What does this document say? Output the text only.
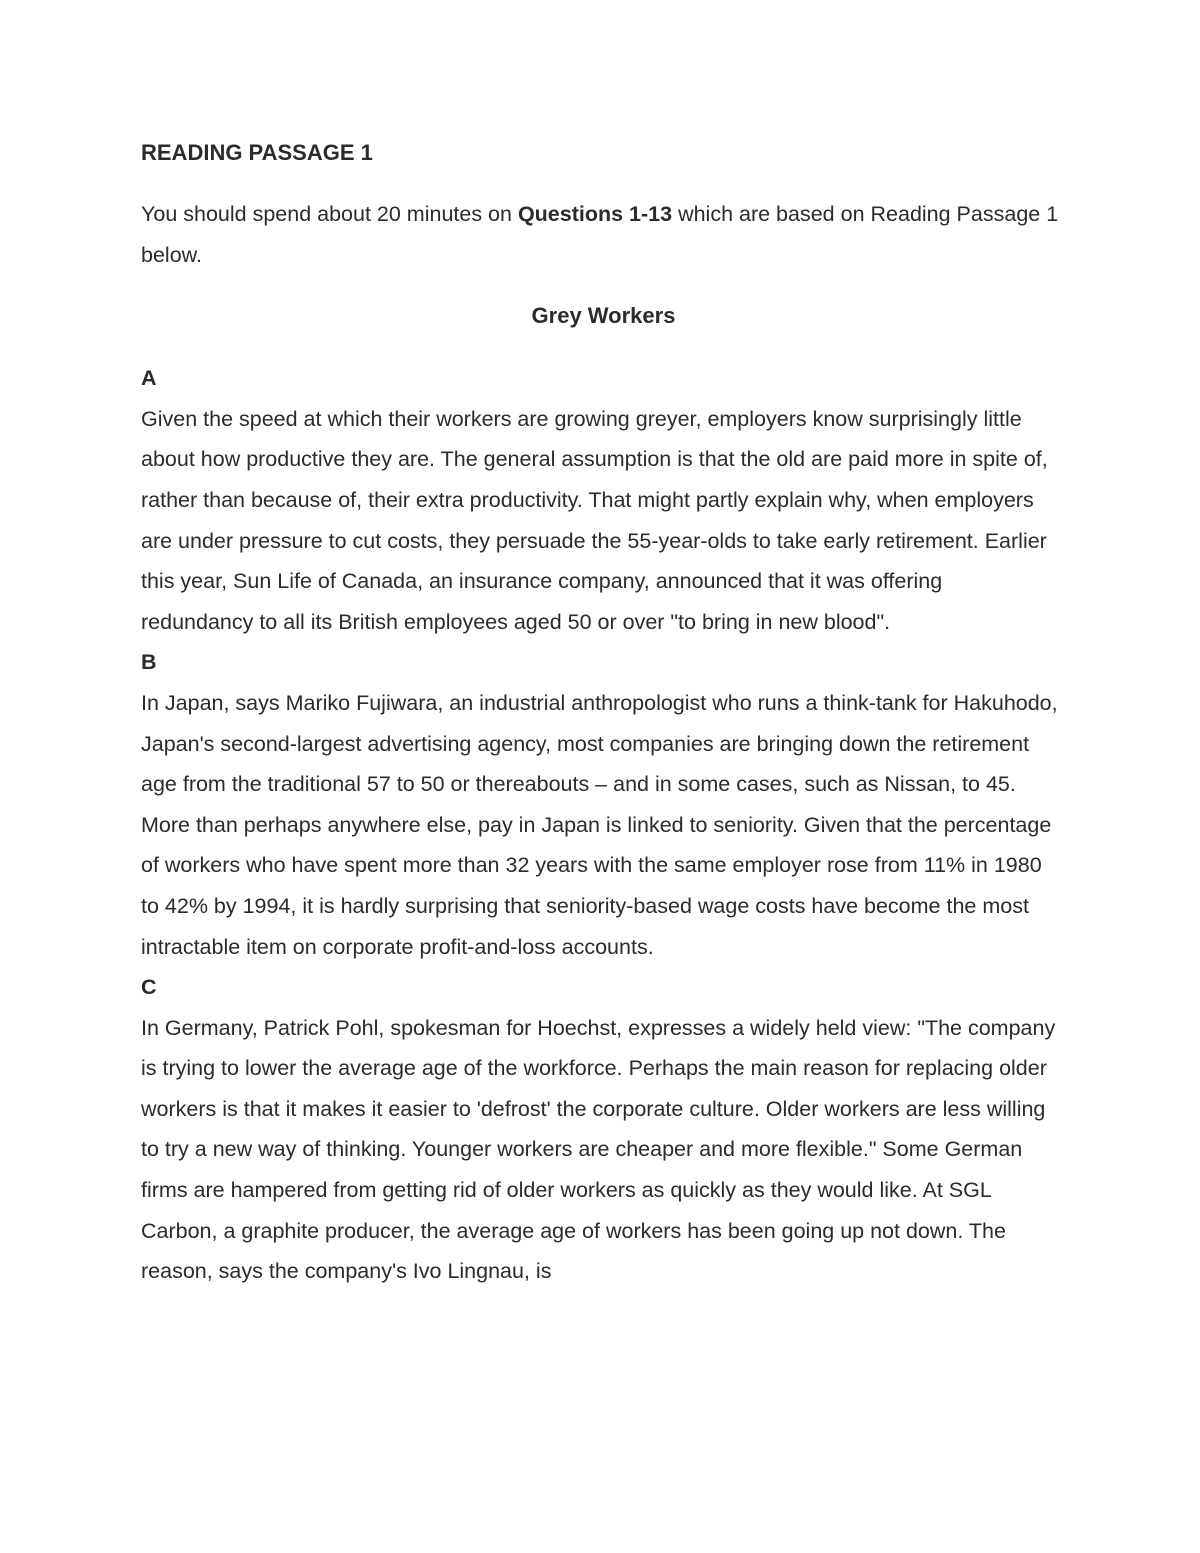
READING PASSAGE 1

You should spend about 20 minutes on Questions 1-13 which are based on Reading Passage 1 below.

Grey Workers
A

Given the speed at which their workers are growing greyer, employers know surprisingly little about how productive they are. The general assumption is that the old are paid more in spite of, rather than because of, their extra productivity. That might partly explain why, when employers are under pressure to cut costs, they persuade the 55-year-olds to take early retirement. Earlier this year, Sun Life of Canada, an insurance company, announced that it was offering redundancy to all its British employees aged 50 or over "to bring in new blood".

B

In Japan, says Mariko Fujiwara, an industrial anthropologist who runs a think-tank for Hakuhodo, Japan's second-largest advertising agency, most companies are bringing down the retirement age from the traditional 57 to 50 or thereabouts – and in some cases, such as Nissan, to 45. More than perhaps anywhere else, pay in Japan is linked to seniority. Given that the percentage of workers who have spent more than 32 years with the same employer rose from 11% in 1980 to 42% by 1994, it is hardly surprising that seniority-based wage costs have become the most intractable item on corporate profit-and-loss accounts.

C

In Germany, Patrick Pohl, spokesman for Hoechst, expresses a widely held view: "The company is trying to lower the average age of the workforce. Perhaps the main reason for replacing older workers is that it makes it easier to 'defrost' the corporate culture. Older workers are less willing to try a new way of thinking. Younger workers are cheaper and more flexible." Some German firms are hampered from getting rid of older workers as quickly as they would like. At SGL Carbon, a graphite producer, the average age of workers has been going up not down. The reason, says the company's Ivo Lingnau, is
